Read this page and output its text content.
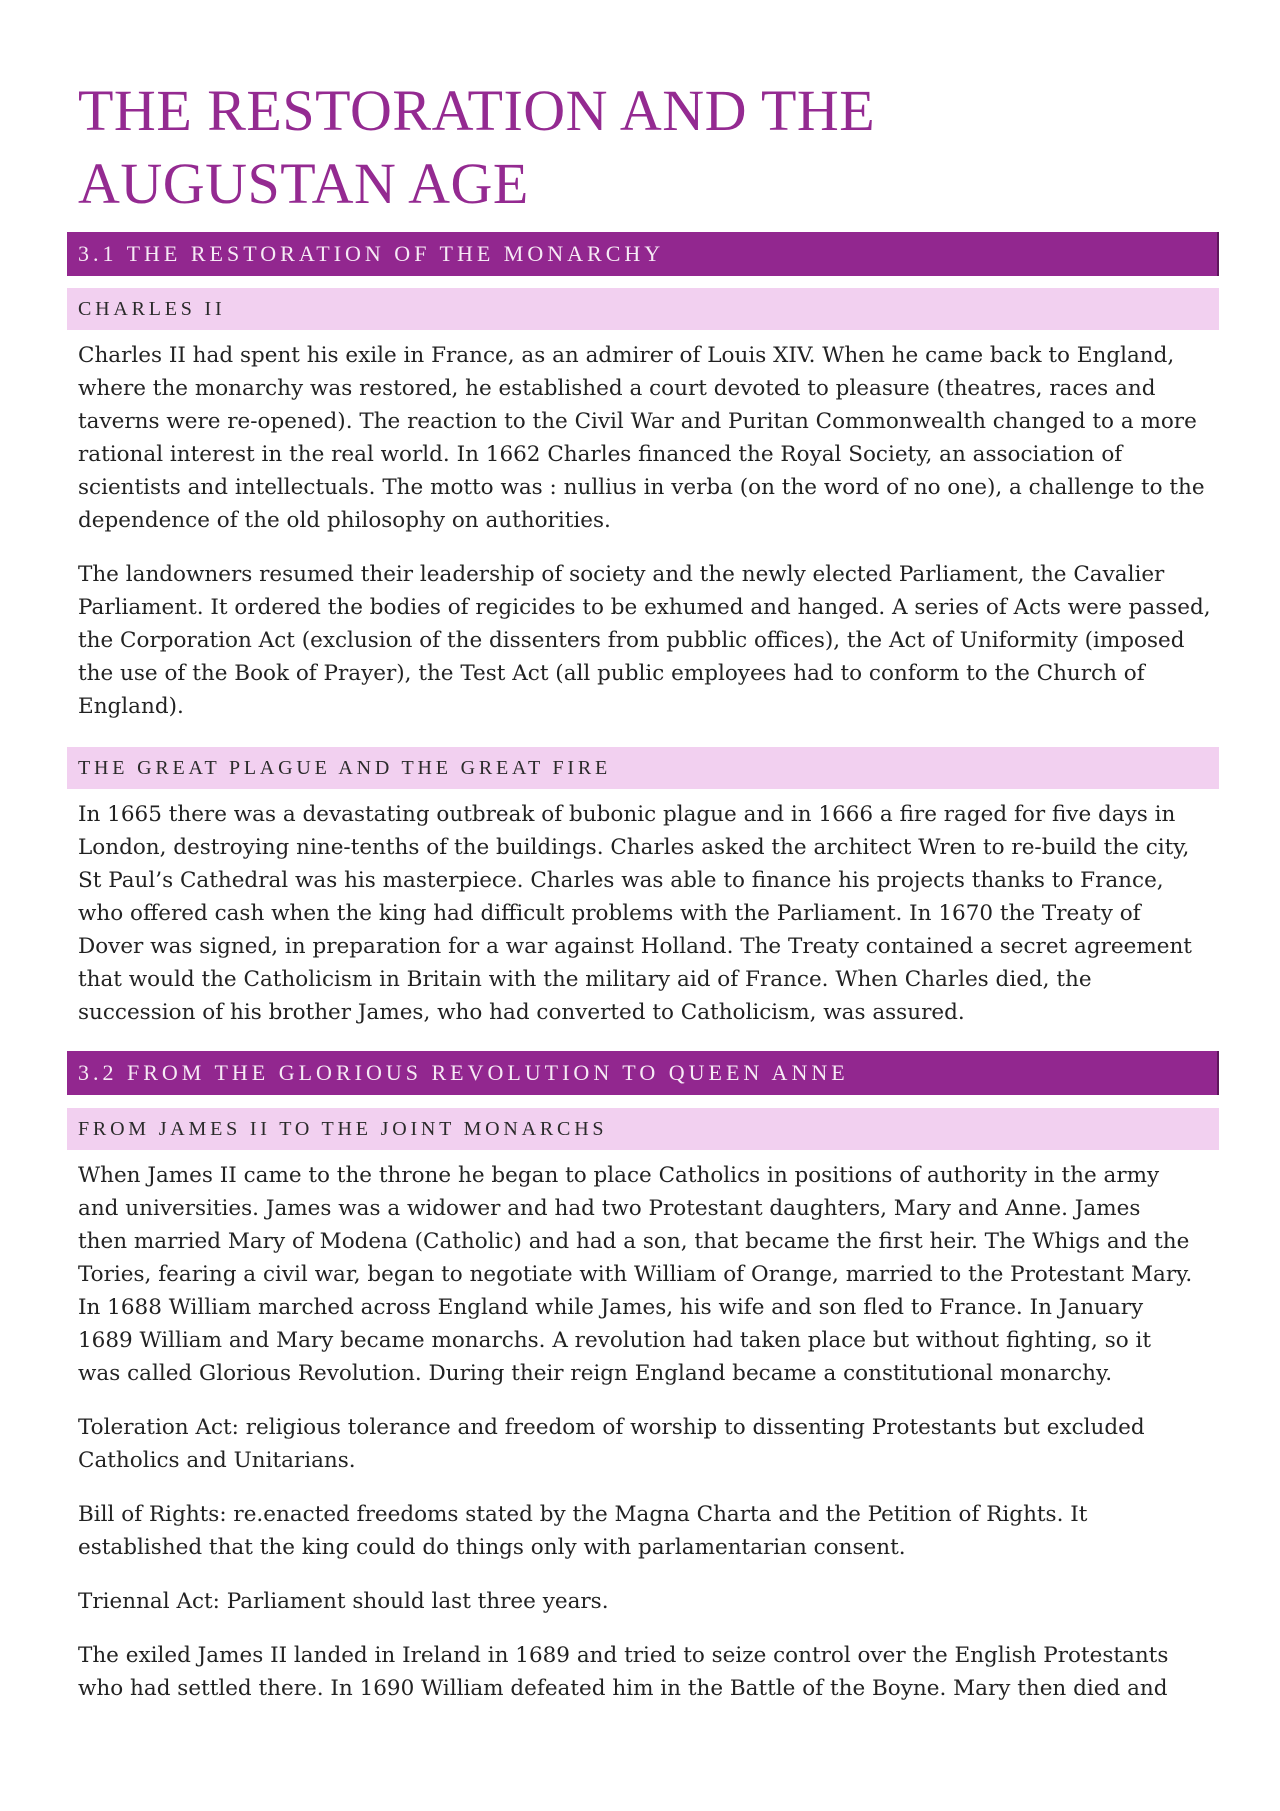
THE RESTORATION AND THE AUGUSTAN AGE
3.1 THE RESTORATION OF THE MONARCHY
CHARLES II
Charles II had spent his exile in France, as an admirer of Louis XIV. When he came back to England,
where the monarchy was restored, he established a court devoted to pleasure (theatres, races and
taverns were re-opened). The reaction to the Civil War and Puritan Commonwealth changed to a more
rational interest in the real world. In 1662 Charles financed the Royal Society, an association of
scientists and intellectuals. The motto was : nullius in verba (on the word of no one), a challenge to the
dependence of the old philosophy on authorities.
The landowners resumed their leadership of society and the newly elected Parliament, the Cavalier
Parliament. It ordered the bodies of regicides to be exhumed and hanged. A series of Acts were passed,
the Corporation Act (exclusion of the dissenters from pubblic offices), the Act of Uniformity (imposed
the use of the Book of Prayer), the Test Act (all public employees had to conform to the Church of
England).
THE GREAT PLAGUE AND THE GREAT FIRE
In 1665 there was a devastating outbreak of bubonic plague and in 1666 a fire raged for five days in
London, destroying nine-tenths of the buildings. Charles asked the architect Wren to re-build the city,
St Paul’s Cathedral was his masterpiece. Charles was able to finance his projects thanks to France,
who offered cash when the king had difficult problems with the Parliament. In 1670 the Treaty of
Dover was signed, in preparation for a war against Holland. The Treaty contained a secret agreement
that would the Catholicism in Britain with the military aid of France. When Charles died, the
succession of his brother James, who had converted to Catholicism, was assured.
3.2 FROM THE GLORIOUS REVOLUTION TO QUEEN ANNE
FROM JAMES II TO THE JOINT MONARCHS
When James II came to the throne he began to place Catholics in positions of authority in the army
and universities. James was a widower and had two Protestant daughters, Mary and Anne. James
then married Mary of Modena (Catholic) and had a son, that became the first heir. The Whigs and the
Tories, fearing a civil war, began to negotiate with William of Orange, married to the Protestant Mary.
In 1688 William marched across England while James, his wife and son fled to France. In January
1689 William and Mary became monarchs. A revolution had taken place but without fighting, so it
was called Glorious Revolution. During their reign England became a constitutional monarchy.
Toleration Act: religious tolerance and freedom of worship to dissenting Protestants but excluded
Catholics and Unitarians.
Bill of Rights: re.enacted freedoms stated by the Magna Charta and the Petition of Rights. It
established that the king could do things only with parlamentarian consent.
Triennal Act: Parliament should last three years.
The exiled James II landed in Ireland in 1689 and tried to seize control over the English Protestants
who had settled there. In 1690 William defeated him in the Battle of the Boyne. Mary then died and
